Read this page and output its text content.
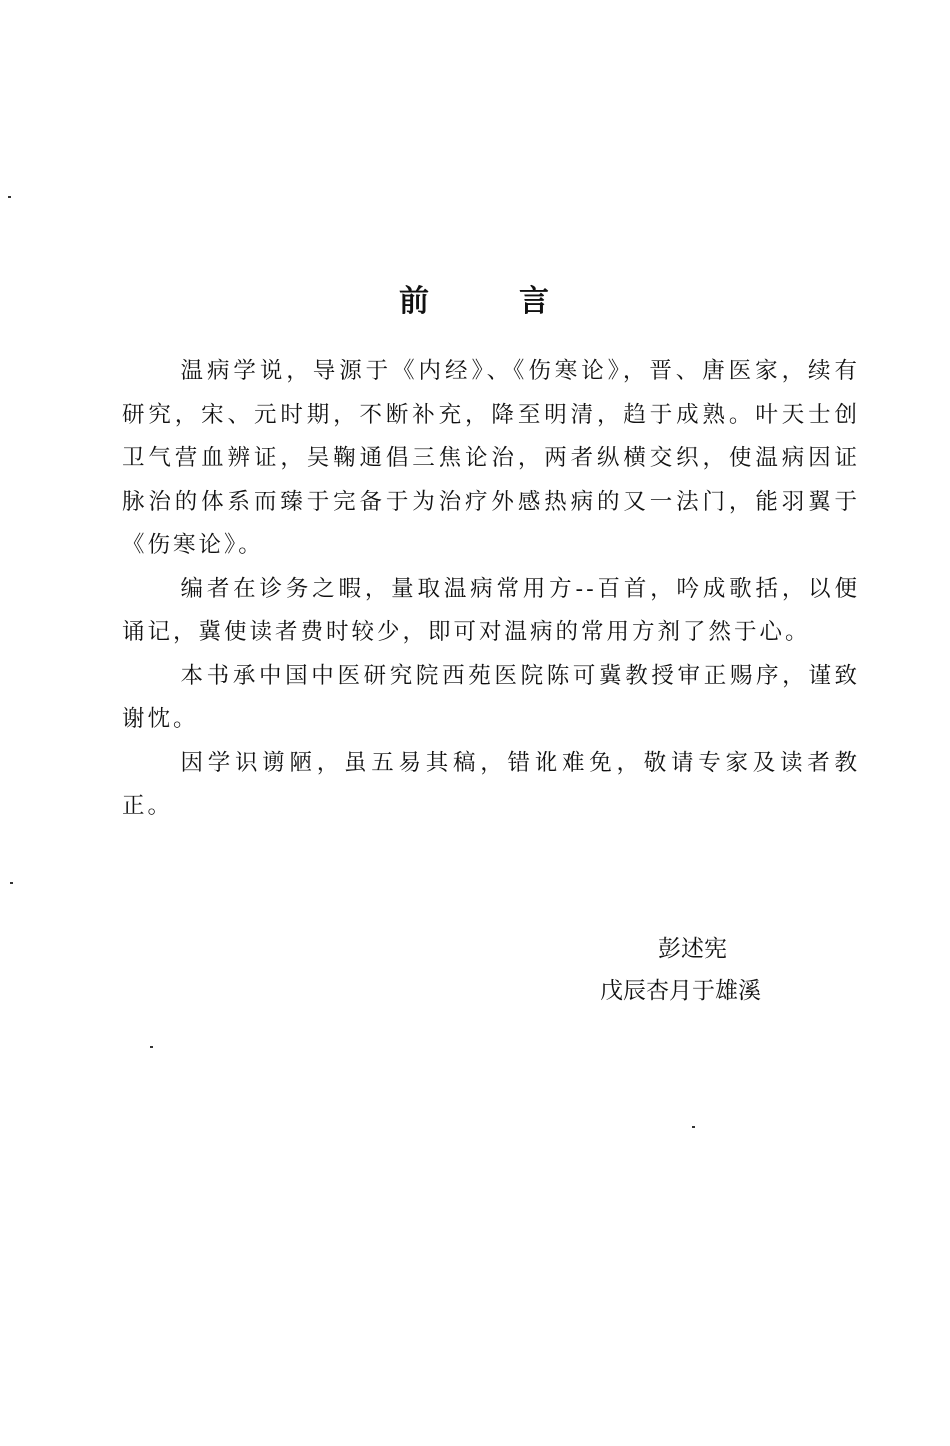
前	言

温病学说，导源于《内经》、《伤寒论》，晋、唐医家，续有研究，宋、元时期，不断补充，降至明清，趋于成熟。叶天士创卫气营血辨证，吴鞠通倡三焦论治，两者纵横交织，使温病因证脉治的体系而臻于完备于为治疗外感热病的又一法门，能羽翼于《伤寒论》。

编者在诊务之暇，量取温病常用方--百首，吟成歌括，以便诵记，冀使读者费时较少，即可对温病的常用方剂了然于心。

本书承中国中医研究院西苑医院陈可冀教授审正赐序，谨致谢忱。

因学识谫陋，虽五易其稿，错讹难免，敬请专家及读者教正。

彭述宪
戊辰杏月于雄溪
